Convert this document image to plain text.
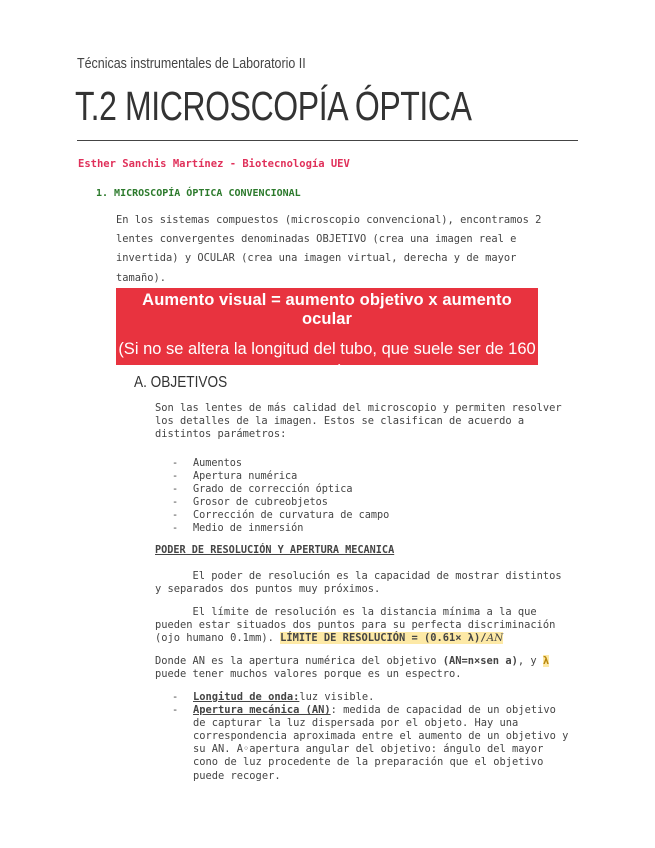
Técnicas instrumentales de Laboratorio II
T.2 MICROSCOPÍA ÓPTICA
Esther Sanchis Martínez - Biotecnología UEV
1. MICROSCOPÍA ÓPTICA CONVENCIONAL
En los sistemas compuestos (microscopio convencional), encontramos 2
lentes convergentes denominadas OBJETIVO (crea una imagen real e
invertida) y OCULAR (crea una imagen virtual, derecha y de mayor
tamaño).
Aumento visual = aumento objetivo x aumento ocular
(Si no se altera la longitud del tubo, que suele ser de 160 mm)
A. OBJETIVOS
Son las lentes de más calidad del microscopio y permiten resolver
los detalles de la imagen. Estos se clasifican de acuerdo a
distintos parámetros:
- Aumentos
- Apertura numérica
- Grado de corrección óptica
- Grosor de cubreobjetos
- Corrección de curvatura de campo
- Medio de inmersión
PODER DE RESOLUCIÓN Y APERTURA MECANICA
El poder de resolución es la capacidad de mostrar distintos
y separados dos puntos muy próximos.
El límite de resolución es la distancia mínima a la que
pueden estar situados dos puntos para su perfecta discriminación
(ojo humano 0.1mm). LÍMITE DE RESOLUCIÓN = (0.61× λ)/AN
Donde AN es la apertura numérica del objetivo (AN=n×sen a), y λ
puede tener muchos valores porque es un espectro.
- Longitud de onda:luz visible.
- Apertura mecánica (AN): medida de capacidad de un objetivo
de capturar la luz dispersada por el objeto. Hay una
correspondencia aproximada entre el aumento de un objetivo y
su AN. A◦apertura angular del objetivo: ángulo del mayor
cono de luz procedente de la preparación que el objetivo
puede recoger.
